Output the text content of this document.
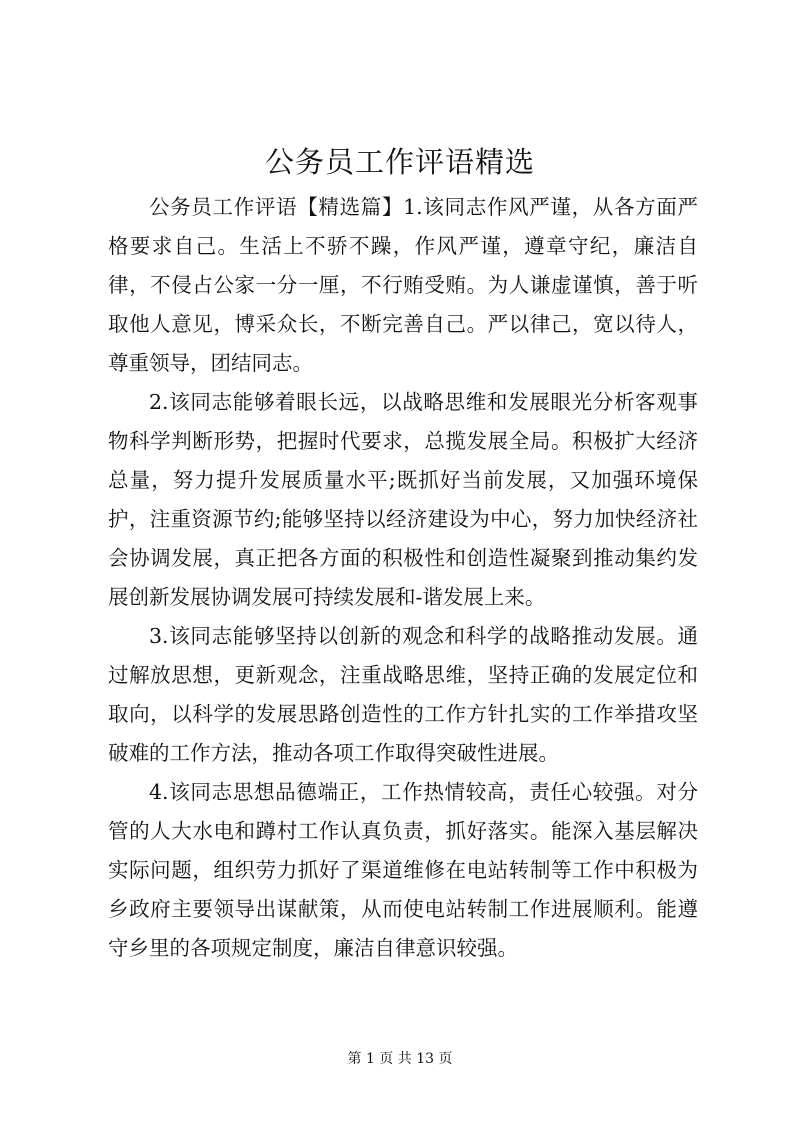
公务员工作评语精选

公务员工作评语【精选篇】1.该同志作风严谨，从各方面严格要求自己。生活上不骄不躁，作风严谨，遵章守纪，廉洁自律，不侵占公家一分一厘，不行贿受贿。为人谦虚谨慎，善于听取他人意见，博采众长，不断完善自己。严以律己，宽以待人，尊重领导，团结同志。

2.该同志能够着眼长远，以战略思维和发展眼光分析客观事物科学判断形势，把握时代要求，总揽发展全局。积极扩大经济总量，努力提升发展质量水平;既抓好当前发展，又加强环境保护，注重资源节约;能够坚持以经济建设为中心，努力加快经济社会协调发展，真正把各方面的积极性和创造性凝聚到推动集约发展创新发展协调发展可持续发展和-谐发展上来。

3.该同志能够坚持以创新的观念和科学的战略推动发展。通过解放思想，更新观念，注重战略思维，坚持正确的发展定位和取向，以科学的发展思路创造性的工作方针扎实的工作举措攻坚破难的工作方法，推动各项工作取得突破性进展。

4.该同志思想品德端正，工作热情较高，责任心较强。对分管的人大水电和蹲村工作认真负责，抓好落实。能深入基层解决实际问题，组织劳力抓好了渠道维修在电站转制等工作中积极为乡政府主要领导出谋献策，从而使电站转制工作进展顺利。能遵守乡里的各项规定制度，廉洁自律意识较强。

第 1 页 共 13 页
